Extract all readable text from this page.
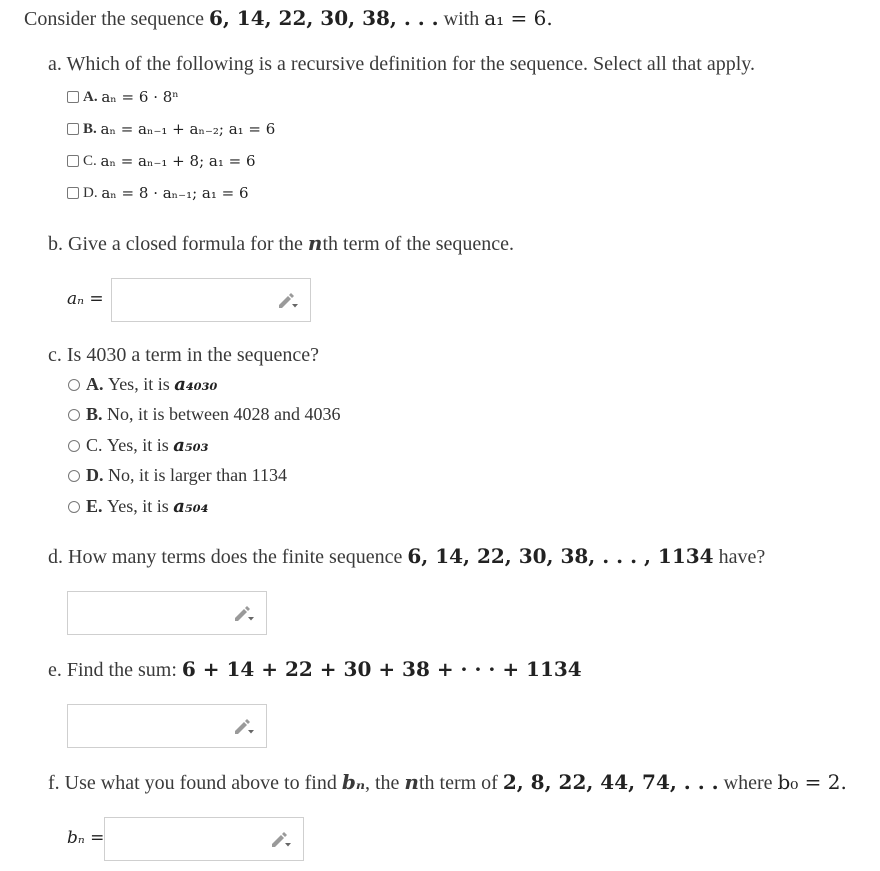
Consider the sequence 6, 14, 22, 30, 38, . . . with a₁ = 6.
a. Which of the following is a recursive definition for the sequence. Select all that apply.
A.
aₙ = 6 · 8ⁿ
B.
aₙ = aₙ₋₁ + aₙ₋₂; a₁ = 6
C.
aₙ = aₙ₋₁ + 8; a₁ = 6
D.
aₙ = 8 · aₙ₋₁; a₁ = 6
b. Give a closed formula for the nth term of the sequence.
aₙ =
c. Is 4030 a term in the sequence?
A.
Yes, it is
a₄₀₃₀
B.
No, it is between 4028 and 4036
C.
Yes, it is
a₅₀₃
D.
No, it is larger than 1134
E.
Yes, it is
a₅₀₄
d. How many terms does the finite sequence 6, 14, 22, 30, 38, . . . , 1134 have?
e. Find the sum: 6 + 14 + 22 + 30 + 38 + · · · + 1134
f. Use what you found above to find bₙ, the nth term of 2, 8, 22, 44, 74, . . . where b₀ = 2.
bₙ =
